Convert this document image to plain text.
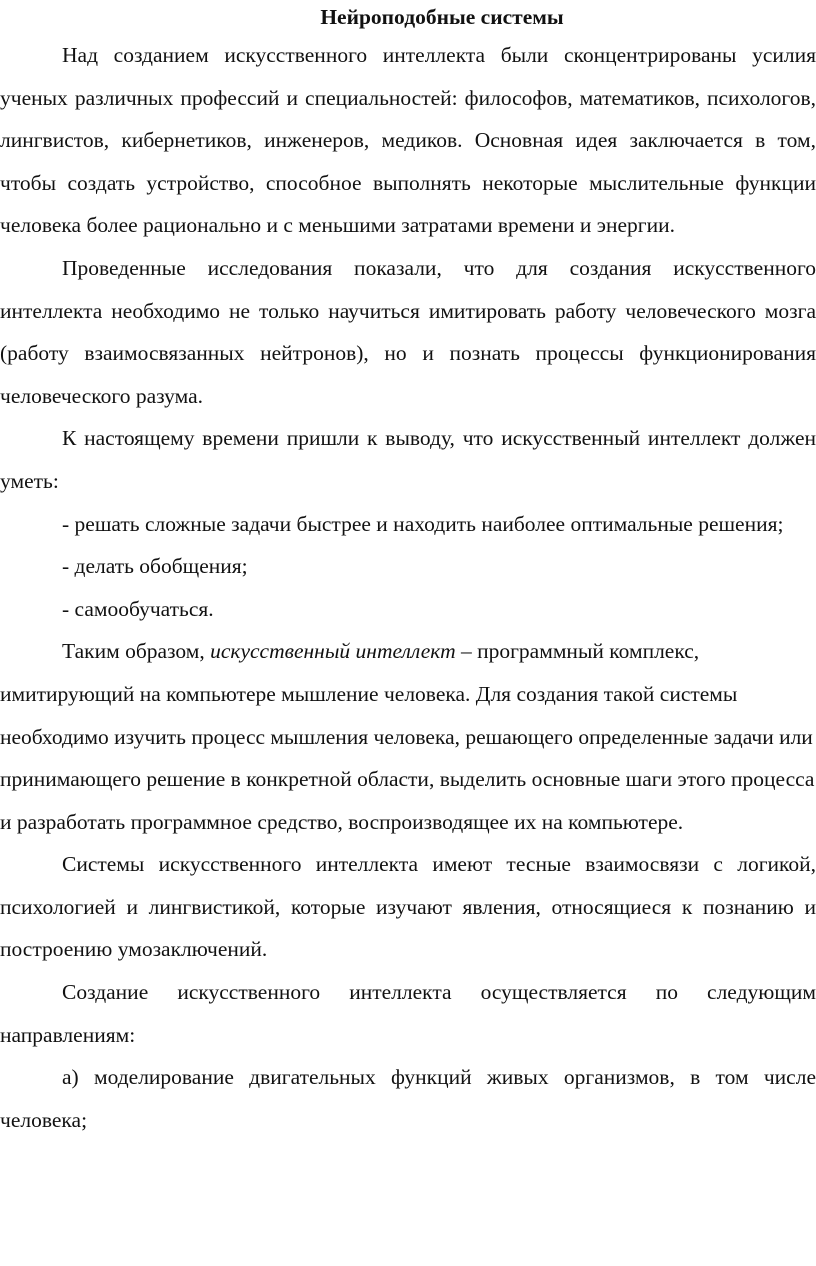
Нейроподобные системы

Над созданием искусственного интеллекта были сконцентрированы усилия ученых различных профессий и специальностей: философов, математиков, психологов, лингвистов, кибернетиков, инженеров, медиков. Основная идея заключается в том, чтобы создать устройство, способное выполнять некоторые мыслительные функции человека более рационально и с меньшими затратами времени и энергии.

Проведенные исследования показали, что для создания искусственного интеллекта необходимо не только научиться имитировать работу человеческого мозга (работу взаимосвязанных нейтронов), но и познать процессы функционирования человеческого разума.

К настоящему времени пришли к выводу, что искусственный интеллект должен уметь:

- решать сложные задачи быстрее и находить наиболее оптимальные решения;

- делать обобщения;

- самообучаться.

Таким образом, искусственный интеллект – программный комплекс, имитирующий на компьютере мышление человека. Для создания такой системы необходимо изучить процесс мышления человека, решающего определенные задачи или принимающего решение в конкретной области, выделить основные шаги этого процесса и разработать программное средство, воспроизводящее их на компьютере.

Системы искусственного интеллекта имеют тесные взаимосвязи с логикой, психологией и лингвистикой, которые изучают явления, относящиеся к познанию и построению умозаключений.

Создание искусственного интеллекта осуществляется по следующим направлениям:

а) моделирование двигательных функций живых организмов, в том числе человека;
